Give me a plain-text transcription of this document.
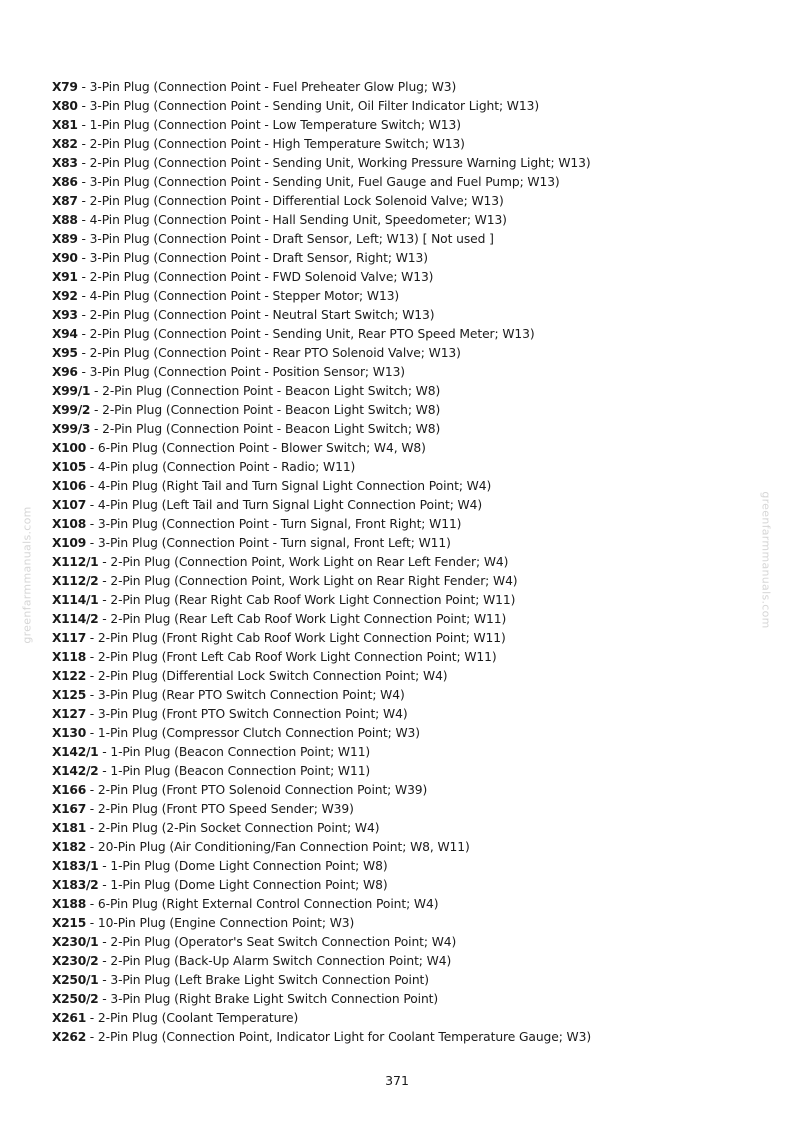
greenfarmmanuals.com	greenfarmmanuals.com
X79 - 3-Pin Plug (Connection Point - Fuel Preheater Glow Plug; W3)
X80 - 3-Pin Plug (Connection Point - Sending Unit, Oil Filter Indicator Light; W13)
X81 - 1-Pin Plug (Connection Point - Low Temperature Switch; W13)
X82 - 2-Pin Plug (Connection Point - High Temperature Switch; W13)
X83 - 2-Pin Plug (Connection Point - Sending Unit, Working Pressure Warning Light; W13)
X86 - 3-Pin Plug (Connection Point - Sending Unit, Fuel Gauge and Fuel Pump; W13)
X87 - 2-Pin Plug (Connection Point - Differential Lock Solenoid Valve; W13)
X88 - 4-Pin Plug (Connection Point - Hall Sending Unit, Speedometer; W13)
X89 - 3-Pin Plug (Connection Point - Draft Sensor, Left; W13) [ Not used ]
X90 - 3-Pin Plug (Connection Point - Draft Sensor, Right; W13)
X91 - 2-Pin Plug (Connection Point - FWD Solenoid Valve; W13)
X92 - 4-Pin Plug (Connection Point - Stepper Motor; W13)
X93 - 2-Pin Plug (Connection Point - Neutral Start Switch; W13)
X94 - 2-Pin Plug (Connection Point - Sending Unit, Rear PTO Speed Meter; W13)
X95 - 2-Pin Plug (Connection Point - Rear PTO Solenoid Valve; W13)
X96 - 3-Pin Plug (Connection Point - Position Sensor; W13)
X99/1 - 2-Pin Plug (Connection Point - Beacon Light Switch; W8)
X99/2 - 2-Pin Plug (Connection Point - Beacon Light Switch; W8)
X99/3 - 2-Pin Plug (Connection Point - Beacon Light Switch; W8)
X100 - 6-Pin Plug (Connection Point - Blower Switch; W4, W8)
X105 - 4-Pin plug (Connection Point - Radio; W11)
X106 - 4-Pin Plug (Right Tail and Turn Signal Light Connection Point; W4)
X107 - 4-Pin Plug (Left Tail and Turn Signal Light Connection Point; W4)
X108 - 3-Pin Plug (Connection Point - Turn Signal, Front Right; W11)
X109 - 3-Pin Plug (Connection Point - Turn signal, Front Left; W11)
X112/1 - 2-Pin Plug (Connection Point, Work Light on Rear Left Fender; W4)
X112/2 - 2-Pin Plug (Connection Point, Work Light on Rear Right Fender; W4)
X114/1 - 2-Pin Plug (Rear Right Cab Roof Work Light Connection Point; W11)
X114/2 - 2-Pin Plug (Rear Left Cab Roof Work Light Connection Point; W11)
X117 - 2-Pin Plug (Front Right Cab Roof Work Light Connection Point; W11)
X118 - 2-Pin Plug (Front Left Cab Roof Work Light Connection Point; W11)
X122 - 2-Pin Plug (Differential Lock Switch Connection Point; W4)
X125 - 3-Pin Plug (Rear PTO Switch Connection Point; W4)
X127 - 3-Pin Plug (Front PTO Switch Connection Point; W4)
X130 - 1-Pin Plug (Compressor Clutch Connection Point; W3)
X142/1 - 1-Pin Plug (Beacon Connection Point; W11)
X142/2 - 1-Pin Plug (Beacon Connection Point; W11)
X166 - 2-Pin Plug (Front PTO Solenoid Connection Point; W39)
X167 - 2-Pin Plug (Front PTO Speed Sender; W39)
X181 - 2-Pin Plug (2-Pin Socket Connection Point; W4)
X182 - 20-Pin Plug (Air Conditioning/Fan Connection Point; W8, W11)
X183/1 - 1-Pin Plug (Dome Light Connection Point; W8)
X183/2 - 1-Pin Plug (Dome Light Connection Point; W8)
X188 - 6-Pin Plug (Right External Control Connection Point; W4)
X215 - 10-Pin Plug (Engine Connection Point; W3)
X230/1 - 2-Pin Plug (Operator's Seat Switch Connection Point; W4)
X230/2 - 2-Pin Plug (Back-Up Alarm Switch Connection Point; W4)
X250/1 - 3-Pin Plug (Left Brake Light Switch Connection Point)
X250/2 - 3-Pin Plug (Right Brake Light Switch Connection Point)
X261 - 2-Pin Plug (Coolant Temperature)
X262 - 2-Pin Plug (Connection Point, Indicator Light for Coolant Temperature Gauge; W3)
371
